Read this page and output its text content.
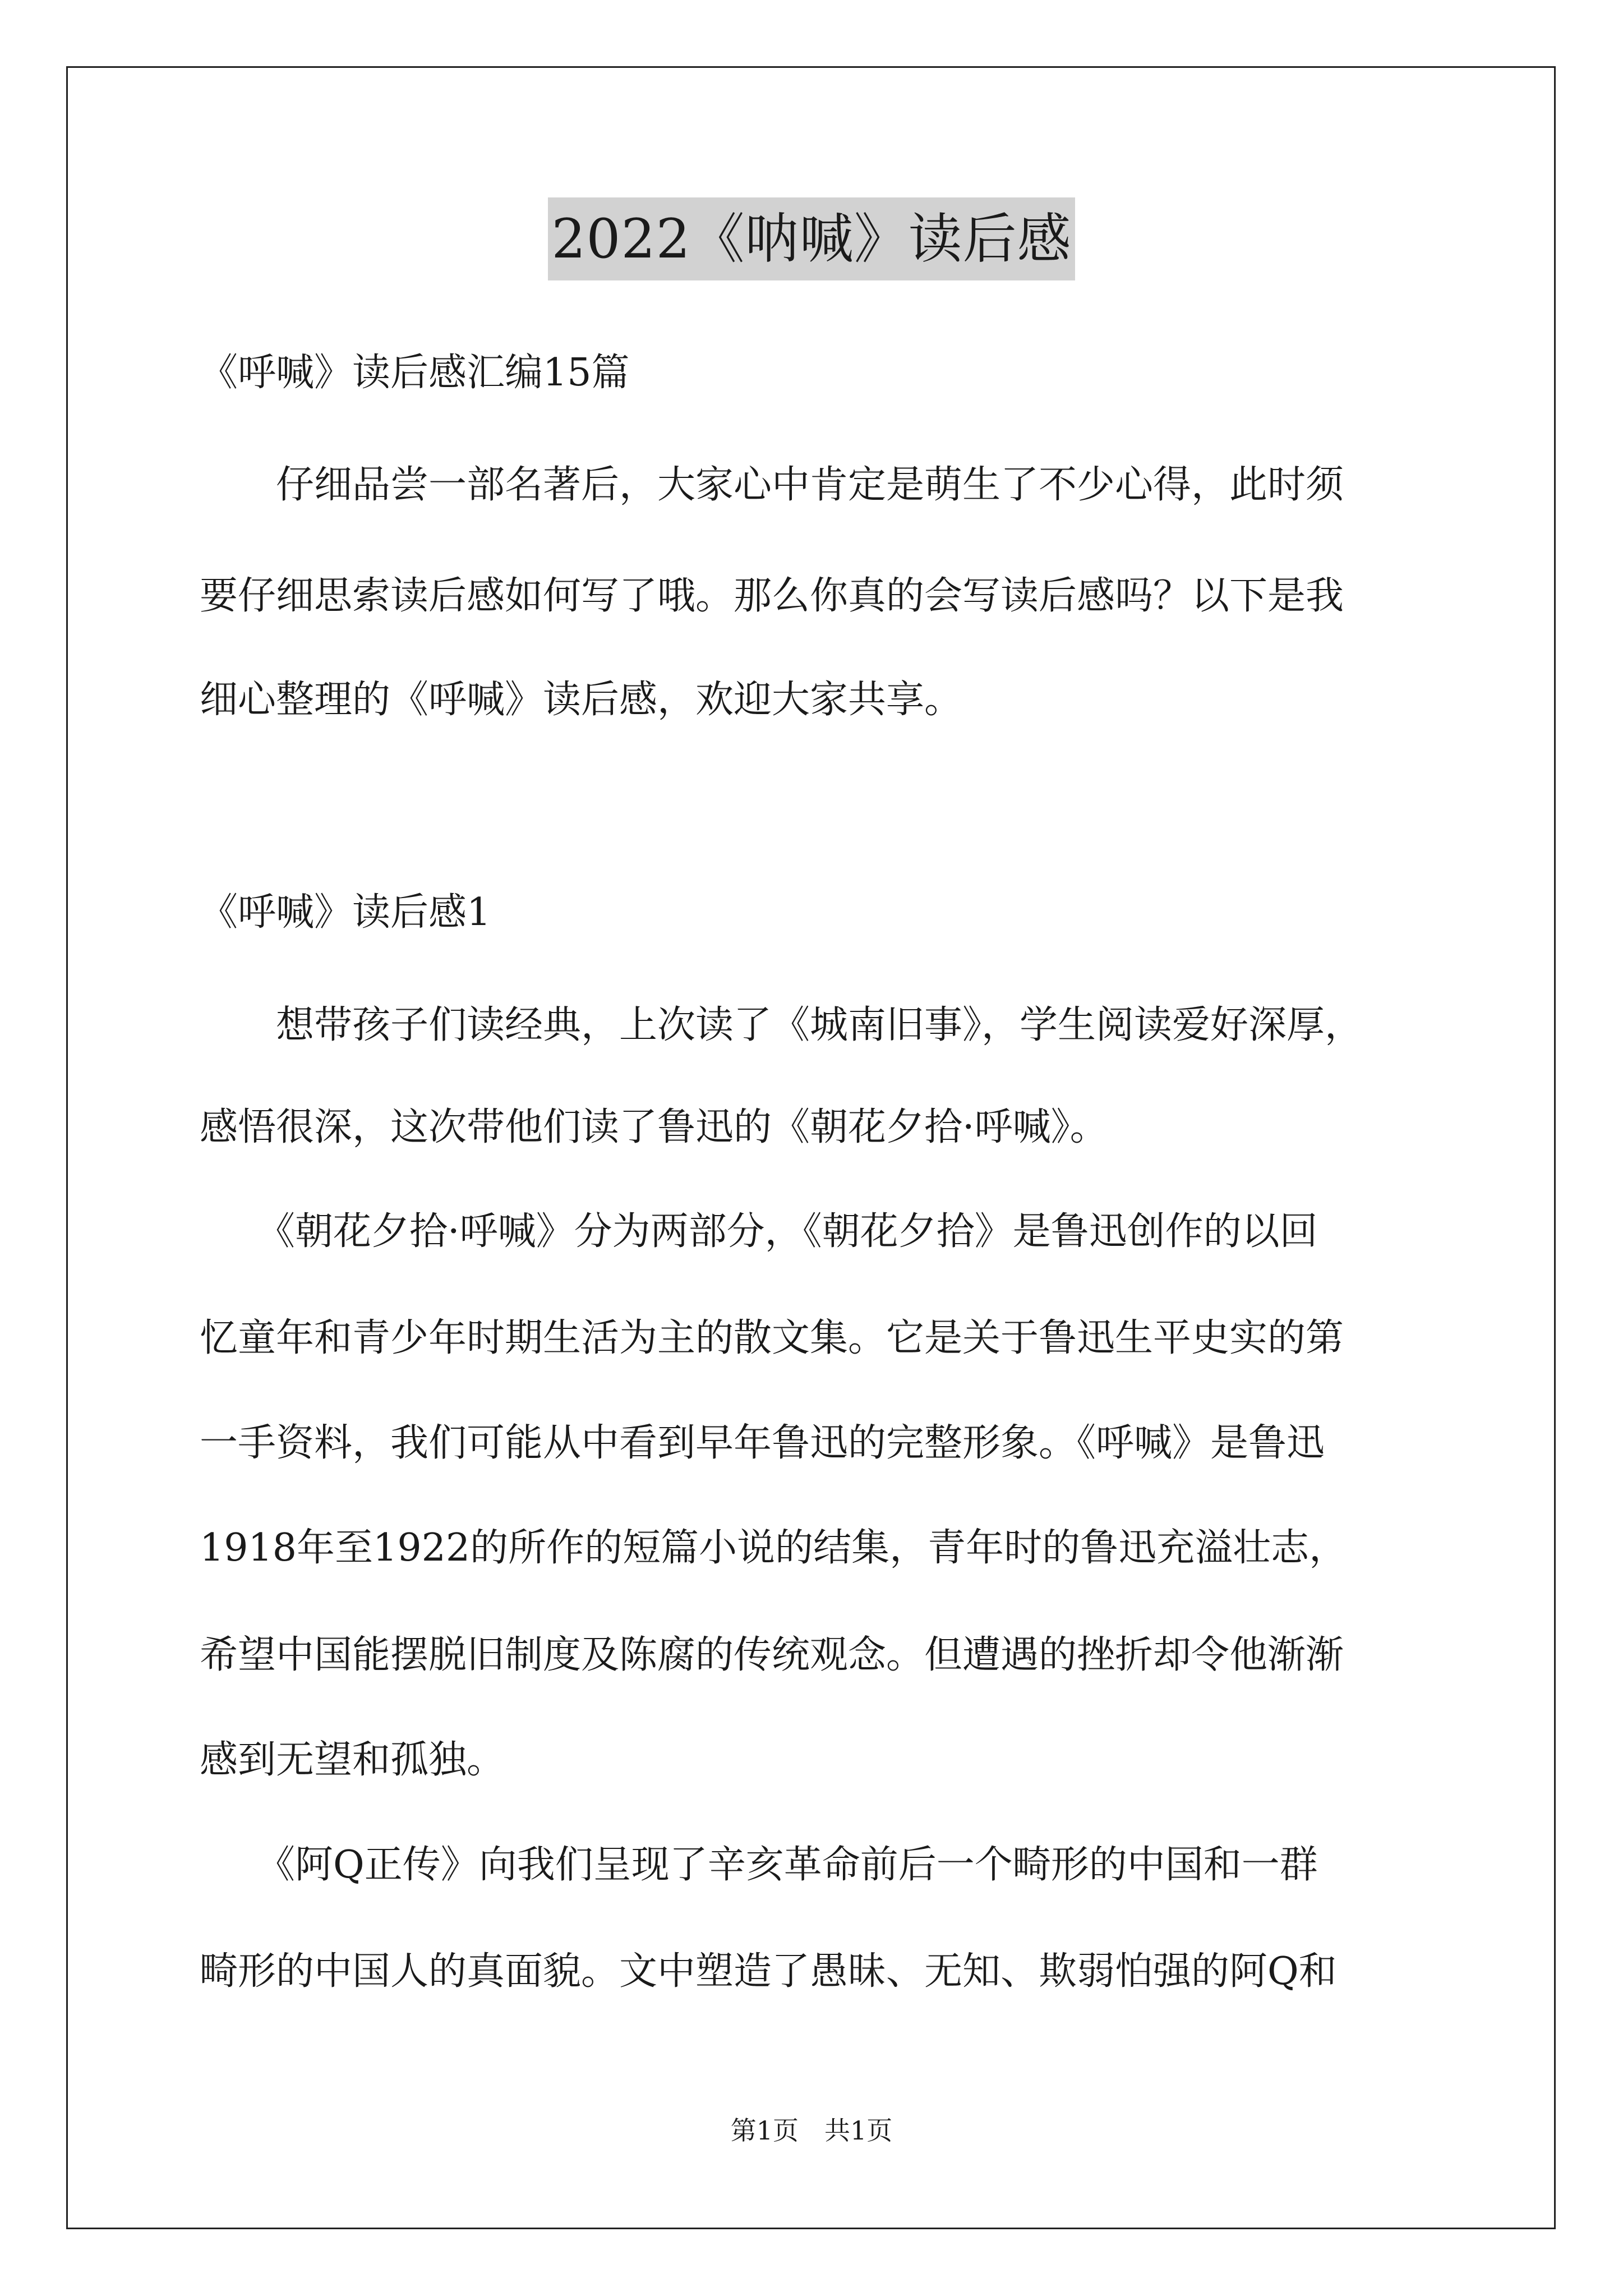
2022《呐喊》读后感
《呼喊》读后感汇编15篇
　　仔细品尝一部名著后，大家心中肯定是萌生了不少心得，此时须
要仔细思索读后感如何写了哦。那么你真的会写读后感吗？以下是我
细心整理的《呼喊》读后感，欢迎大家共享。
《呼喊》读后感1
　　想带孩子们读经典，上次读了《城南旧事》，学生阅读爱好深厚，
感悟很深，这次带他们读了鲁迅的《朝花夕拾·呼喊》。
　　《朝花夕拾·呼喊》分为两部分，《朝花夕拾》是鲁迅创作的以回
忆童年和青少年时期生活为主的散文集。它是关于鲁迅生平史实的第
一手资料，我们可能从中看到早年鲁迅的完整形象。《呼喊》是鲁迅
1918年至1922的所作的短篇小说的结集，青年时的鲁迅充溢壮志，
希望中国能摆脱旧制度及陈腐的传统观念。但遭遇的挫折却令他渐渐
感到无望和孤独。
　　《阿Q正传》向我们呈现了辛亥革命前后一个畸形的中国和一群
畸形的中国人的真面貌。文中塑造了愚昧、无知、欺弱怕强的阿Q和
第1页　共1页
